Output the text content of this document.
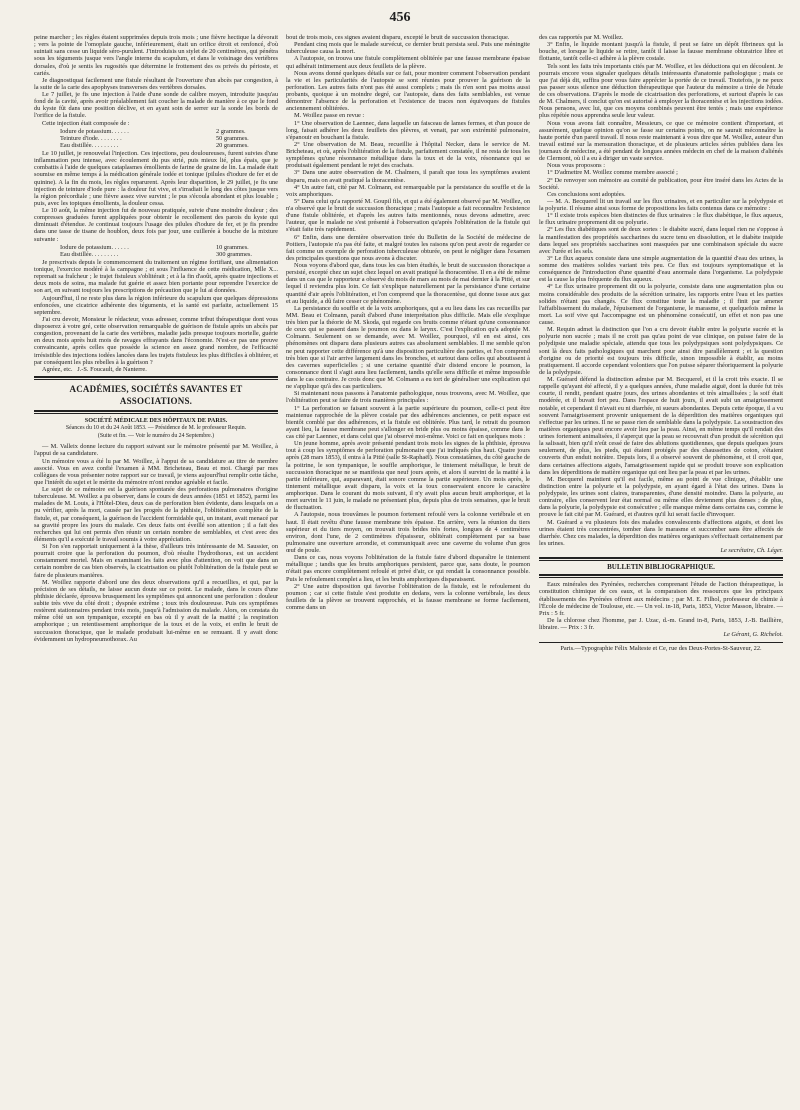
456

peine marcher ; les règles étaient supprimées depuis trois mois ; une fièvre hectique la dévorait ; vers la pointe de l'omoplate gauche, inférieurement, était un orifice étroit et renfoncé, d'où suintait sans cesse un liquide séro-purulent. J'introduisis un stylet de 20 centimètres, qui pénétra sous les téguments jusque vers l'angle interne du scapulum, et dans le voisinage des vertèbres dorsales, d'où je sentis les rugosités que détermine le frottement des os privés du périoste, et cariés.

Je diagnostiquai facilement une fistule résultant de l'ouverture d'un abcès par congestion, à la suite de la carie des apophyses transverses des vertèbres dorsales.

Le 7 juillet, je fis une injection à l'aide d'une sonde de calibre moyen, introduite jusqu'au fond de la cavité, après avoir préalablement fait coucher la malade de manière à ce que le fond du kyste fût dans une position déclive, et en ayant soin de serrer sur la sonde les bords de l'orifice de la fistule.

Cette injection était composée de :

Iodure de potassium. . . . . .	2 grammes.
Teinture d'iode. . . . . . . .	50 grammes.
Eau distillée. . . . . . . . .	20 grammes.

Le 10 juillet, je renouvelai l'injection. Ces injections, peu douloureuses, furent suivies d'une inflammation peu intense, avec écoulement du pus strié, puis mieux lié, plus épais, que je combattis à l'aide de quelques cataplasmes émollients de farine de graine de lin. La malade était soumise en même temps à la médication générale iodée et tonique (pilules d'iodure de fer et de quinine). A la fin du mois, les règles reparurent. Après leur disparition, le 29 juillet, je fis une injection de teinture d'iode pure : la douleur fut vive, et s'irradiait le long des côtes jusque vers la région précordiale ; une fièvre assez vive survint ; le pus s'écoula abondant et plus louable ; puis, avec les topiques émollients, la douleur cessa.

Le 10 août, la même injection fut de nouveau pratiquée, suivie d'une moindre douleur ; des compresses graduées furent appliquées pour obtenir le recollement des parois du kyste qui diminuait d'étendue. Je continuai toujours l'usage des pilules d'iodure de fer, et je fis prendre dans une tasse de tisane de houblon, deux fois par jour, une cuillerée à bouche de la mixture suivante :

Iodure de potassium. . . . . .	10 grammes.
Eau distillée. . . . . . . . .	300 grammes.

Je prescrivais depuis le commencement du traitement un régime fortifiant, une alimentation tonique, l'exercice modéré à la campagne ; et sous l'influence de cette médication, Mlle X... reprenait sa fraîcheur ; le trajet fistuleux s'oblitérait ; et à la fin d'août, après quatre injections et deux mois de soins, ma malade fut guérie et assez bien portante pour reprendre l'exercice de son art, en suivant toujours les prescriptions de précaution que je lui ai données.

Aujourd'hui, il ne reste plus dans la région inférieure du scapulum que quelques dépressions enfoncées, une cicatrice adhérente des téguments, et la santé est parfaite, actuellement 15 septembre.

J'ai cru devoir, Monsieur le rédacteur, vous adresser, comme tribut thérapeutique dont vous disposerez à votre gré, cette observation remarquable de guérison de fistule après un abcès par congestion, provenant de la carie des vertèbres, maladie jadis presque toujours mortelle, guérie en deux mois après huit mois de ravages effrayants dans l'économie. N'est-ce pas une preuve convaincante, après celles que possède la science en assez grand nombre, de l'efficacité irrésistible des injections iodées lancées dans les trajets fistuleux les plus difficiles à oblitérer, et par conséquent les plus rebelles à la guérison ?

Agréez, etc. J.-S. Foucault, de Nanterre.

ACADÉMIES, SOCIÉTÉS SAVANTES ET ASSOCIATIONS.
SOCIÉTÉ MÉDICALE DES HÔPITAUX DE PARIS.
Séances du 10 et du 24 Août 1853. — Présidence de M. le professeur Requin.
(Suite et fin. — Voir le numéro du 24 Septembre.)

— M. Valleix donne lecture du rapport suivant sur le mémoire présenté par M. Woillez, à l'appui de sa candidature.

Un mémoire vous a été lu par M. Woillez, à l'appui de sa candidature au titre de membre associé. Vous en avez confié l'examen à MM. Bricheteau, Beau et moi. Chargé par mes collègues de vous présenter notre rapport sur ce travail, je viens aujourd'hui remplir cette tâche, que l'intérêt du sujet et le mérite du mémoire m'ont rendue agréable et facile.

Le sujet de ce mémoire est la guérison spontanée des perforations pulmonaires d'origine tuberculeuse. M. Woillez a pu observer, dans le cours de deux années (1851 et 1852), parmi les malades de M. Louis, à l'Hôtel-Dieu, deux cas de perforation bien évidente, dans lesquels on a pu vérifier, après la mort, causée par les progrès de la phthisie, l'oblitération complète de la fistule, et, par conséquent, la guérison de l'accident formidable qui, un instant, avait menacé par sa gravité propre les jours du malade. Ces deux faits ont éveillé son attention ; il a fait des recherches qui lui ont permis d'en réunir un certain nombre de semblables, et c'est avec des éléments qu'il a exécuté le travail soumis à votre appréciation.

Si l'on s'en rapportait uniquement à la thèse, d'ailleurs très intéressante de M. Saussier, on pourrait croire que la perforation du poumon, d'où résulte l'hydrothorax, est un accident constamment mortel. Mais en examinant les faits avec plus d'attention, on voit que dans un certain nombre de cas bien observés, la cicatrisation ou plutôt l'oblitération de la fistule peut se faire de plusieurs manières.

M. Woillez rapporte d'abord une des deux observations qu'il a recueillies, et qui, par la précision de ses détails, ne laisse aucun doute sur ce point. Le malade, dans le cours d'une phthisie déclarée, éprouva brusquement les symptômes qui annoncent une perforation : douleur subite très vive du côté droit ; dyspnée extrême ; toux très douloureuse. Puis ces symptômes restèrent stationnaires pendant trois mois, jusqu'à l'admission du malade. Alors, on constata du même côté un son tympanique, excepté en bas où il y avait de la matité ; la respiration amphorique ; un retentissement amphorique de la toux et de la voix, et enfin le bruit de succussion thoracique, que le malade produisait lui-même en se remuant. Il y avait donc évidemment un hydropneumothorax. Au

bout de trois mois, ces signes avaient disparu, excepté le bruit de succussion thoracique.

Pendant cinq mois que le malade survécut, ce dernier bruit persista seul. Puis une méningite tuberculeuse causa la mort.

A l'autopsie, on trouva une fistule complètement oblitérée par une fausse membrane épaisse qui adhérait intimement aux deux feuillets de la plèvre.

Nous avons donné quelques détails sur ce fait, pour montrer comment l'observation pendant la vie et les particularités de l'autopsie se sont réunies pour prouver la guérison de la perforation. Les autres faits n'ont pas été aussi complets ; mais ils n'en sont pas moins aussi probants, quoique à un moindre degré, car l'autopsie, dans des faits semblables, est venue démontrer l'absence de la perforation et l'existence de traces non équivoques de fistules anciennement oblitérées.

M. Woillez passe en revue :

1° Une observation de Laennec, dans laquelle un faisceau de lames fermes, et d'un pouce de long, faisait adhérer les deux feuillets des plèvres, et venait, par son extrémité pulmonaire, s'épanouir en bouchant la fistule.

2° Une observation de M. Beau, recueillie à l'hôpital Necker, dans le service de M. Bricheteau, et où, après l'oblitération de la fistule, parfaitement constatée, il ne resta de tous les symptômes qu'une résonnance métallique dans la toux et de la voix, résonnance qui se produisait également pendant le rejet des crachats.

3° Dans une autre observation de M. Chalmers, il paraît que tous les symptômes avaient disparu, mais on avait pratiqué la thoracentèse.

4° Un autre fait, cité par M. Colmann, est remarquable par la persistance du souffle et de la voix amphoriques.

5° Dans celui qu'a rapporté M. Goupil fils, et qui a été également observé par M. Woillez, on n'a observé que le bruit de succussion thoracique ; mais l'autopsie a fait reconnaître l'existence d'une fistule oblitérée, et d'après les autres faits mentionnés, nous devons admettre, avec l'auteur, que le malade ne s'est présenté à l'observation qu'après l'oblitération de la fistule qui s'était faite très rapidement.

6° Enfin, dans une dernière observation tirée du Bulletin de la Société de médecine de Poitiers, l'autopsie n'a pas été faite, et malgré toutes les raisons qu'on peut avoir de regarder ce fait comme un exemple de perforation tuberculeuse obturée, on peut le négliger dans l'examen des principales questions que nous avons à discuter.

Nous voyons d'abord que, dans tous les cas bien étudiés, le bruit de succussion thoracique a persisté, excepté chez un sujet chez lequel on avait pratiqué la thoracentèse. Il en a été de même dans un cas que le rapporteur a observé du mois de mars au mois de mai dernier à la Pitié, et sur lequel il reviendra plus loin. Ce fait s'explique naturellement par la persistance d'une certaine quantité d'air après l'oblitération, et l'on comprend que la thoracentèse, qui donne issue aux gaz et au liquide, a dû faire cesser ce phénomène.

La persistance du souffle et de la voix amphoriques, qui a eu lieu dans les cas recueillis par MM. Beau et Colmann, paraît d'abord d'une interprétation plus difficile. Mais elle s'explique très bien par la théorie de M. Skoda, qui regarde ces bruits comme n'étant qu'une consonnance de ceux qui se passent dans le poumon ou dans le larynx. C'est l'explication qu'a adoptée M. Colmann. Seulement on se demande, avec M. Woillez, pourquoi, s'il en est ainsi, ces phénomènes ont disparu dans plusieurs autres cas absolument semblables. Il me semble qu'on ne peut rapporter cette différence qu'à une disposition particulière des parties, et l'on comprend très bien que si l'air arrive largement dans les bronches, et surtout dans celles qui aboutissent à des cavernes superficielles ; si une certaine quantité d'air distend encore le poumon, la consonnance dont il s'agit aura lieu facilement, tandis qu'elle sera difficile et même impossible dans le cas contraire. Je crois donc que M. Colmann a eu tort de généraliser une explication qui ne s'applique qu'à des cas particuliers.

Si maintenant nous passons à l'anatomie pathologique, nous trouvons, avec M. Woillez, que l'oblitération peut se faire de trois manières principales :

1° La perforation se faisant souvent à la partie supérieure du poumon, celle-ci peut être maintenue rapprochée de la plèvre costale par des adhérences anciennes, ce petit espace est bientôt comblé par des adhérences, et la fistule est oblitérée. Plus tard, le retrait du poumon ayant lieu, la fausse membrane peut s'allonger en bride plus ou moins épaisse, comme dans le cas cité par Laennec, et dans celui que j'ai observé moi-même. Voici ce fait en quelques mots :

Un jeune homme, après avoir présenté pendant trois mois les signes de la phthisie, éprouva tout à coup les symptômes de perforation pulmonaire que j'ai indiqués plus haut. Quatre jours après (28 mars 1853), il entra à la Pitié (salle St-Raphaël). Nous constatâmes, du côté gauche de la poitrine, le son tympanique, le souffle amphorique, le tintement métallique, le bruit de succussion thoracique ne se manifesta que neuf jours après, et alors il survint de la matité à la partie inférieure, qui, auparavant, était sonore comme la partie supérieure. Un mois après, le tintement métallique avait disparu, la voix et la toux conservaient encore le caractère amphorique. Dans le courant du mois suivant, il n'y avait plus aucun bruit amphorique, et la mort survint le 11 juin, le malade ne présentant plus, depuis plus de trois semaines, que le bruit de fluctuation.

A l'autopsie, nous trouvâmes le poumon fortement refoulé vers la colonne vertébrale et en haut. Il était revêtu d'une fausse membrane très épaisse. En arrière, vers la réunion du tiers supérieur et du tiers moyen, on trouvait trois brides très fortes, longues de 4 centimètres environ, dont l'une, de 2 centimètres d'épaisseur, oblitérait complètement par sa base pulmonaire une ouverture arrondie, et communiquait avec une caverne du volume d'un gros œuf de poule.

Dans ce cas, nous voyons l'oblitération de la fistule faire d'abord disparaître le tintement métallique ; tandis que les bruits amphoriques persistent, parce que, sans doute, le poumon n'était pas encore complètement refoulé et privé d'air, ce qui rendait la consonnance possible. Puis le refoulement complet a lieu, et les bruits amphoriques disparaissent.

2° Une autre disposition qui favorise l'oblitération de la fistule, est le refoulement du poumon ; car si cette fistule s'est produite en dedans, vers la colonne vertébrale, les deux feuillets de la plèvre se trouvent rapprochés, et la fausse membrane se forme facilement, comme dans un

des cas rapportés par M. Woillez.

3° Enfin, le liquide montant jusqu'à la fistule, il peut se faire un dépôt fibrineux qui la bouche, et lorsque le liquide se retire, tantôt il laisse la fausse membrane obturatrice libre et flottante, tantôt celle-ci adhère à la plèvre costale.

Tels sont les faits très importants cités par M. Woillez, et les déductions qui en découlent. Je pourrais encore vous signaler quelques détails intéressants d'anatomie pathologique ; mais ce que j'ai déjà dit, suffira pour vous faire apprécier la portée de ce travail. Toutefois, je ne peux pas passer sous silence une déduction thérapeutique que l'auteur du mémoire a tirée de l'étude de ces observations. D'après le mode de cicatrisation des perforations, et surtout d'après le cas de M. Chalmers, il conclut qu'on est autorisé à employer la thoracentèse et les injections iodées. Nous pensons, avec lui, que ces moyens combinés peuvent être tentés ; mais une expérience plus répétée nous apprendra seule leur valeur.

Nous vous avons fait connaître, Messieurs, ce que ce mémoire contient d'important, et assurément, quelque opinion qu'on se fasse sur certains points, on ne saurait méconnaître la haute portée d'un pareil travail. Il nous reste maintenant à vous dire que M. Woillez, auteur d'un travail estimé sur la mensuration thoracique, et de plusieurs articles séries publiées dans les journaux de médecine, a été pendant de longues années médecin en chef de la maison d'aliénés de Clermont, où il a eu à diriger un vaste service.

Nous vous proposons :

1° D'admettre M. Woillez comme membre associé ;

2° De renvoyer son mémoire au comité de publication, pour être inséré dans les Actes de la Société.

Ces conclusions sont adoptées.

— M. A. Becquerel lit un travail sur les flux urinaires, et en particulier sur la polydypsie et la polyurie. Il résume ainsi sous forme de propositions les faits contenus dans ce mémoire :

1° Il existe trois espèces bien distinctes de flux urinaires : le flux diabétique, le flux aqueux, le flux urinaire proprement dit ou polyurie.

2° Les flux diabétiques sont de deux sortes : le diabète sucré, dans lequel rien ne s'oppose à la manifestation des propriétés saccharines du sucre tenu en dissolution, et le diabète insipide dans lequel ses propriétés saccharines sont masquées par une combinaison spéciale du sucre avec l'urée et les sels.

3° Le flux aqueux consiste dans une simple augmentation de la quantité d'eau des urines, la somme des matières solides variant très peu. Ce flux est toujours symptomatique et la conséquence de l'introduction d'une quantité d'eau anormale dans l'organisme. La polydypsie est la cause la plus fréquente du flux aqueux.

4° Le flux urinaire proprement dit ou la polyurie, consiste dans une augmentation plus ou moins considérable des produits de la sécrétion urinaire, les rapports entre l'eau et les parties solides n'étant pas changés. Ce flux constitue toute la maladie ; il finit par amener l'affaiblissement du malade, l'épuisement de l'organisme, le marasme, et quelquefois même la mort. La soif vive qui l'accompagne est un phénomène consécutif, un effet et non pas une cause.

M. Requin admet la distinction que l'on a cru devoir établir entre la polyurie sucrée et la polyurie non sucrée ; mais il ne croit pas qu'au point de vue clinique, on puisse faire de la polydipsie une maladie spéciale, attendu que tous les polydypsiques sont polydypsiques. Ce sont là deux faits pathologiques qui marchent pour ainsi dire parallèlement ; et la question d'origine ou de priorité est toujours très difficile, sinon impossible à établir, au moins pratiquement. Il accorde cependant volontiers que l'on puisse séparer théoriquement la polyurie de la polydypsie.

M. Guérard défend la distinction admise par M. Becquerel, et il la croit très exacte. Il se rappelle qu'ayant été affecté, il y a quelques années, d'une maladie aiguë, dont la durée fut très courte, il rendit, pendant quatre jours, des urines abondantes et très aimallisées ; la soif était modérée, et il buvait fort peu. Dans l'espace de huit jours, il avait subi un amaigrissement notable, et cependant il n'avait eu ni diarrhée, ni sueurs abondantes. Depuis cette époque, il a vu souvent l'amaigrissement provenir uniquement de la déperdition des matières organiques qui s'effectue par les urines. Il ne se passe rien de semblable dans la polydypsie. La soustraction des matières organiques peut encore avoir lieu par la peau. Ainsi, en même temps qu'il rendait des urines fortement animalisées, il s'aperçut que la peau se recouvrait d'un produit de sécrétion qui la salissait, bien qu'il n'eût cessé de faire des ablutions quotidiennes, que depuis quelques jours seulement, de plus, les pieds, qui étaient protégés par des chaussettes de coton, s'étaient couverts d'un enduit noirâtre. Depuis lors, il a observé souvent de phénomène, et il croit que, dans certaines affections aiguës, l'amaigrissement rapide qui se produit trouve son explication dans les déperditions de matière organique qui ont lieu par la peau et par les urines.

M. Becquerel maintient qu'il est facile, même au point de vue clinique, d'établir une distinction entre la polyurie et la polydypsie, en ayant égard à l'état des urines. Dans la polydypsie, les urines sont claires, transparentes, d'une densité moindre. Dans la polyurie, au contraire, elles conservent leur état normal ou même elles deviennent plus denses ; de plus, dans la polyurie, la polydypsie est consécutive ; elle manque même dans certains cas, comme le prouve le fait cité par M. Guérard, et d'autres qu'il lui serait facile d'invoquer.

M. Guérard a vu plusieurs fois des malades convalescents d'affections aiguës, et dont les urines étaient très concentrées, tomber dans le marasme et succomber sans être affectés de diarrhée. Chez ces malades, la déperdition des matières organiques s'effectuait certainement par les urines.

Le secrétaire, Ch. Léger.

BULLETIN BIBLIOGRAPHIQUE.

Eaux minérales des Pyrénées, recherches comprenant l'étude de l'action thérapeutique, la constitution chimique de ces eaux, et la comparaison des ressources que les principaux établissements des Pyrénées offrent aux médecins ; par M. E. Filhol, professeur de chimie à l'École de médecine de Toulouse, etc. — Un vol. in-18, Paris, 1853, Victor Masson, libraire. — Prix : 5 fr.

De la chlorose chez l'homme, par J. Uzac, d.-m. Grand in-8, Paris, 1853, J.-B. Baillière, libraire. — Prix : 3 fr.

Le Gérant, G. Richelot.

Paris.—Typographie Félix Malteste et Ce, rue des Deux-Portes-St-Sauveur, 22.
